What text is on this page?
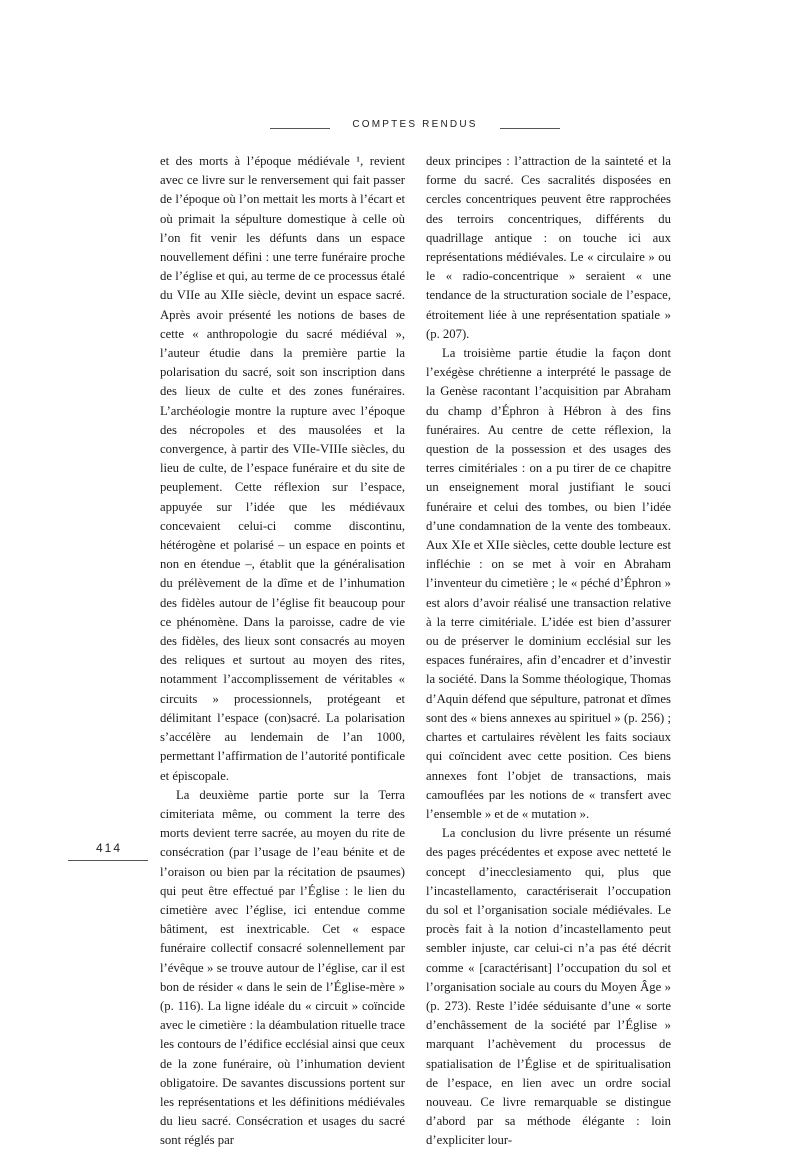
COMPTES RENDUS

et des morts à l’époque médiévale ¹, revient avec ce livre sur le renversement qui fait passer de l’époque où l’on mettait les morts à l’écart et où primait la sépulture domestique à celle où l’on fit venir les défunts dans un espace nouvellement défini : une terre funéraire proche de l’église et qui, au terme de ce processus étalé du VIIe au XIIe siècle, devint un espace sacré. Après avoir présenté les notions de bases de cette « anthropologie du sacré médiéval », l’auteur étudie dans la première partie la polarisation du sacré, soit son inscription dans des lieux de culte et des zones funéraires. L’archéologie montre la rupture avec l’époque des nécropoles et des mausolées et la convergence, à partir des VIIe-VIIIe siècles, du lieu de culte, de l’espace funéraire et du site de peuplement. Cette réflexion sur l’espace, appuyée sur l’idée que les médiévaux concevaient celui-ci comme discontinu, hétérogène et polarisé – un espace en points et non en étendue –, établit que la généralisation du prélèvement de la dîme et de l’inhumation des fidèles autour de l’église fit beaucoup pour ce phénomène. Dans la paroisse, cadre de vie des fidèles, des lieux sont consacrés au moyen des reliques et surtout au moyen des rites, notamment l’accomplissement de véritables « circuits » processionnels, protégeant et délimitant l’espace (con)sacré. La polarisation s’accélère au lendemain de l’an 1000, permettant l’affirmation de l’autorité pontificale et épiscopale.

La deuxième partie porte sur la Terra cimiteriata même, ou comment la terre des morts devient terre sacrée, au moyen du rite de consécration (par l’usage de l’eau bénite et de l’oraison ou bien par la récitation de psaumes) qui peut être effectué par l’Église : le lien du cimetière avec l’église, ici entendue comme bâtiment, est inextricable. Cet « espace funéraire collectif consacré solennellement par l’évêque » se trouve autour de l’église, car il est bon de résider « dans le sein de l’Église-mère » (p. 116). La ligne idéale du « circuit » coïncide avec le cimetière : la déambulation rituelle trace les contours de l’édifice ecclésial ainsi que ceux de la zone funéraire, où l’inhumation devient obligatoire. De savantes discussions portent sur les représentations et les définitions médiévales du lieu sacré. Consécration et usages du sacré sont réglés par

deux principes : l’attraction de la sainteté et la forme du sacré. Ces sacralités disposées en cercles concentriques peuvent être rapprochées des terroirs concentriques, différents du quadrillage antique : on touche ici aux représentations médiévales. Le « circulaire » ou le « radio-concentrique » seraient « une tendance de la structuration sociale de l’espace, étroitement liée à une représentation spatiale » (p. 207).

La troisième partie étudie la façon dont l’exégèse chrétienne a interprété le passage de la Genèse racontant l’acquisition par Abraham du champ d’Éphron à Hébron à des fins funéraires. Au centre de cette réflexion, la question de la possession et des usages des terres cimitériales : on a pu tirer de ce chapitre un enseignement moral justifiant le souci funéraire et celui des tombes, ou bien l’idée d’une condamnation de la vente des tombeaux. Aux XIe et XIIe siècles, cette double lecture est infléchie : on se met à voir en Abraham l’inventeur du cimetière ; le « péché d’Éphron » est alors d’avoir réalisé une transaction relative à la terre cimitériale. L’idée est bien d’assurer ou de préserver le dominium ecclésial sur les espaces funéraires, afin d’encadrer et d’investir la société. Dans la Somme théologique, Thomas d’Aquin défend que sépulture, patronat et dîmes sont des « biens annexes au spirituel » (p. 256) ; chartes et cartulaires révèlent les faits sociaux qui coïncident avec cette position. Ces biens annexes font l’objet de transactions, mais camouflées par les notions de « transfert avec l’ensemble » et de « mutation ».

La conclusion du livre présente un résumé des pages précédentes et expose avec netteté le concept d’inecclesiamento qui, plus que l’incastellamento, caractériserait l’occupation du sol et l’organisation sociale médiévales. Le procès fait à la notion d’incastellamento peut sembler injuste, car celui-ci n’a pas été décrit comme « [caractérisant] l’occupation du sol et l’organisation sociale au cours du Moyen Âge » (p. 273). Reste l’idée séduisante d’une « sorte d’enchâssement de la société par l’Église » marquant l’achèvement du processus de spatialisation de l’Église et de spiritualisation de l’espace, en lien avec un ordre social nouveau. Ce livre remarquable se distingue d’abord par sa méthode élégante : loin d’expliciter lour-

414
